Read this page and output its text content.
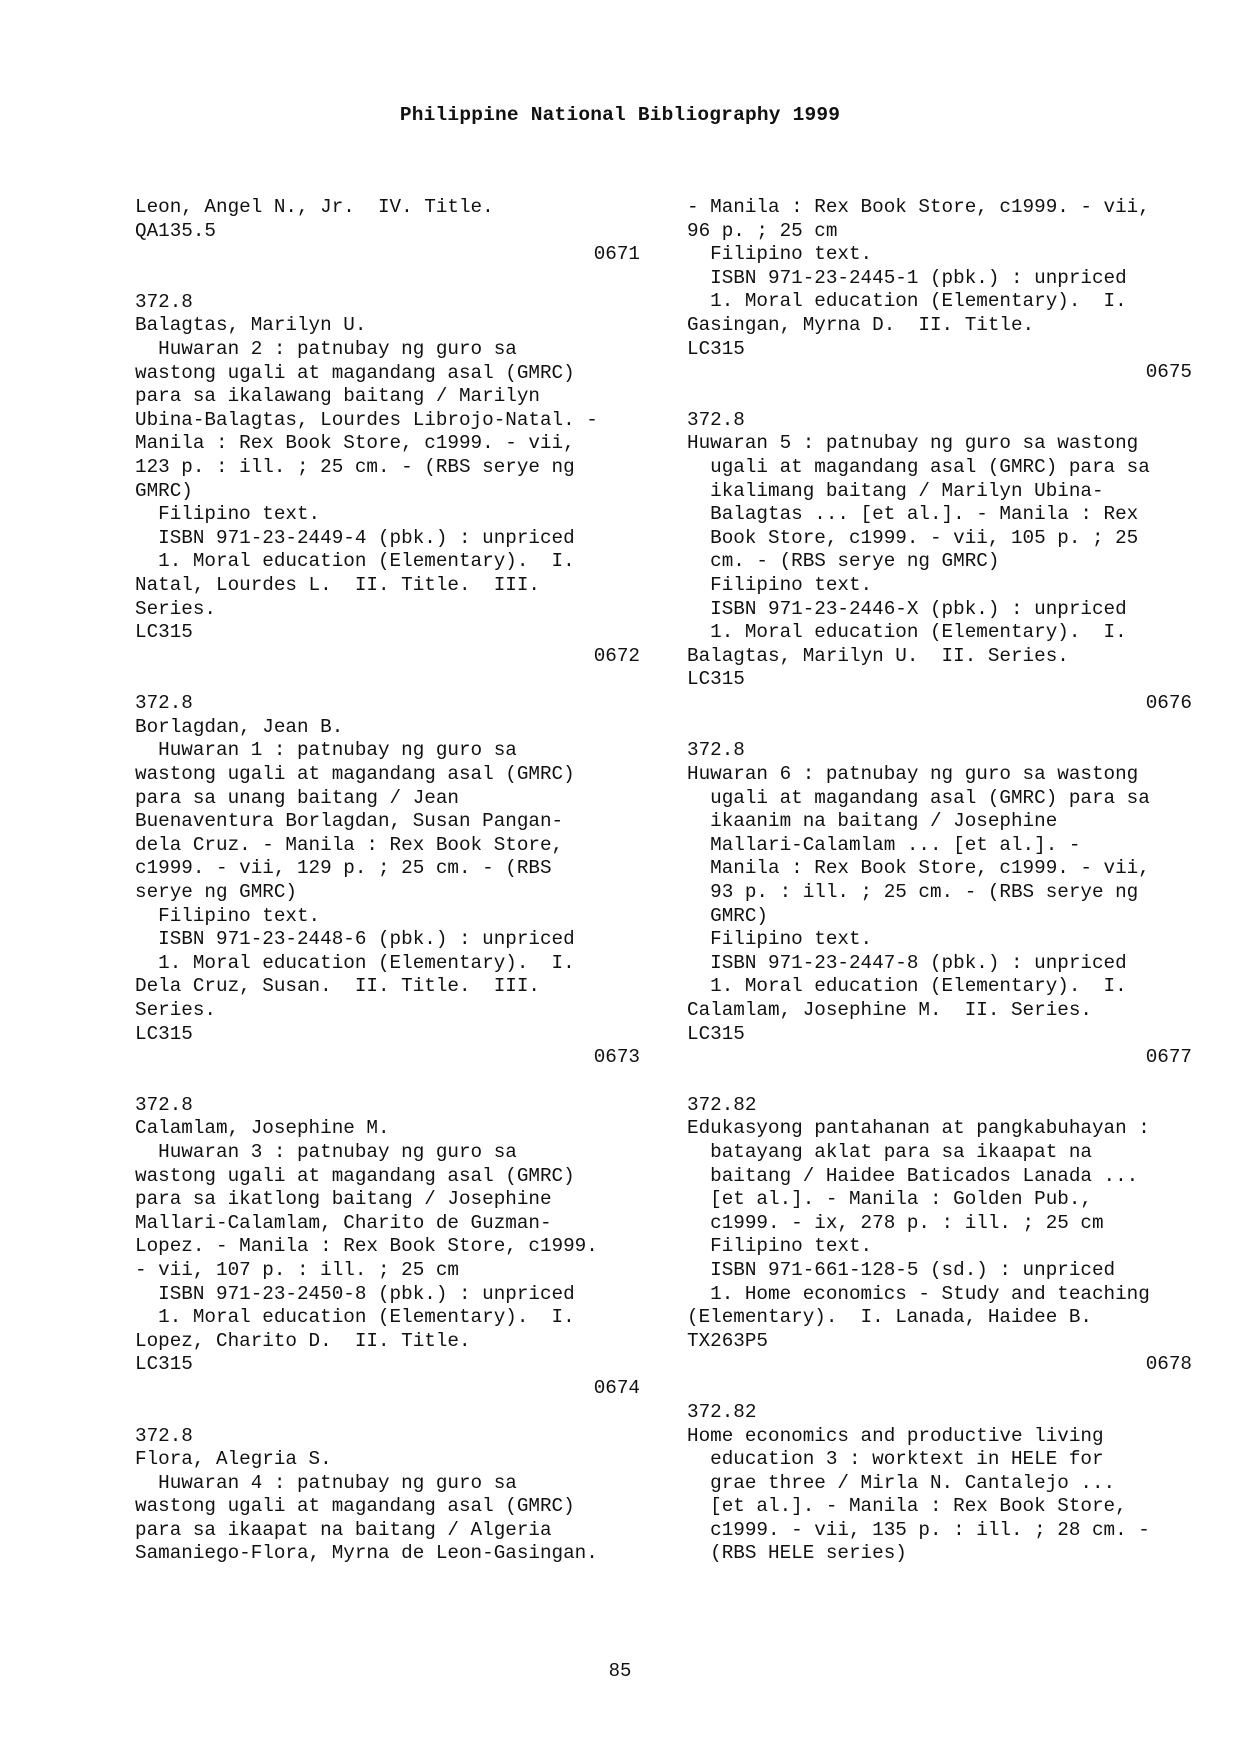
Philippine National Bibliography 1999
Leon, Angel N., Jr.  IV. Title.
QA135.5
0671
372.8
Balagtas, Marilyn U.
Huwaran 2 : patnubay ng guro sa
wastong ugali at magandang asal (GMRC)
para sa ikalawang baitang / Marilyn
Ubina-Balagtas, Lourdes Librojo-Natal. -
Manila : Rex Book Store, c1999. - vii,
123 p. : ill. ; 25 cm. - (RBS serye ng
GMRC)
Filipino text.
ISBN 971-23-2449-4 (pbk.) : unpriced
1. Moral education (Elementary).  I.
Natal, Lourdes L.  II. Title.  III.
Series.
LC315
0672
372.8
Borlagdan, Jean B.
Huwaran 1 : patnubay ng guro sa
wastong ugali at magandang asal (GMRC)
para sa unang baitang / Jean
Buenaventura Borlagdan, Susan Pangan-
dela Cruz. - Manila : Rex Book Store,
c1999. - vii, 129 p. ; 25 cm. - (RBS
serye ng GMRC)
Filipino text.
ISBN 971-23-2448-6 (pbk.) : unpriced
1. Moral education (Elementary).  I.
Dela Cruz, Susan.  II. Title.  III.
Series.
LC315
0673
372.8
Calamlam, Josephine M.
Huwaran 3 : patnubay ng guro sa
wastong ugali at magandang asal (GMRC)
para sa ikatlong baitang / Josephine
Mallari-Calamlam, Charito de Guzman-
Lopez. - Manila : Rex Book Store, c1999.
- vii, 107 p. : ill. ; 25 cm
ISBN 971-23-2450-8 (pbk.) : unpriced
1. Moral education (Elementary).  I.
Lopez, Charito D.  II. Title.
LC315
0674
372.8
Flora, Alegria S.
Huwaran 4 : patnubay ng guro sa
wastong ugali at magandang asal (GMRC)
para sa ikaapat na baitang / Algeria
Samaniego-Flora, Myrna de Leon-Gasingan.
- Manila : Rex Book Store, c1999. - vii,
96 p. ; 25 cm
Filipino text.
ISBN 971-23-2445-1 (pbk.) : unpriced
1. Moral education (Elementary).  I.
Gasingan, Myrna D.  II. Title.
LC315
0675
372.8
Huwaran 5 : patnubay ng guro sa wastong
ugali at magandang asal (GMRC) para sa
ikalimang baitang / Marilyn Ubina-
Balagtas ... [et al.]. - Manila : Rex
Book Store, c1999. - vii, 105 p. ; 25
cm. - (RBS serye ng GMRC)
Filipino text.
ISBN 971-23-2446-X (pbk.) : unpriced
1. Moral education (Elementary).  I.
Balagtas, Marilyn U.  II. Series.
LC315
0676
372.8
Huwaran 6 : patnubay ng guro sa wastong
ugali at magandang asal (GMRC) para sa
ikaanim na baitang / Josephine
Mallari-Calamlam ... [et al.]. -
Manila : Rex Book Store, c1999. - vii,
93 p. : ill. ; 25 cm. - (RBS serye ng
GMRC)
Filipino text.
ISBN 971-23-2447-8 (pbk.) : unpriced
1. Moral education (Elementary).  I.
Calamlam, Josephine M.  II. Series.
LC315
0677
372.82
Edukasyong pantahanan at pangkabuhayan :
batayang aklat para sa ikaapat na
baitang / Haidee Baticados Lanada ...
[et al.]. - Manila : Golden Pub.,
c1999. - ix, 278 p. : ill. ; 25 cm
Filipino text.
ISBN 971-661-128-5 (sd.) : unpriced
1. Home economics - Study and teaching
(Elementary).  I. Lanada, Haidee B.
TX263P5
0678
372.82
Home economics and productive living
education 3 : worktext in HELE for
grae three / Mirla N. Cantalejo ...
[et al.]. - Manila : Rex Book Store,
c1999. - vii, 135 p. : ill. ; 28 cm. -
(RBS HELE series)
85
